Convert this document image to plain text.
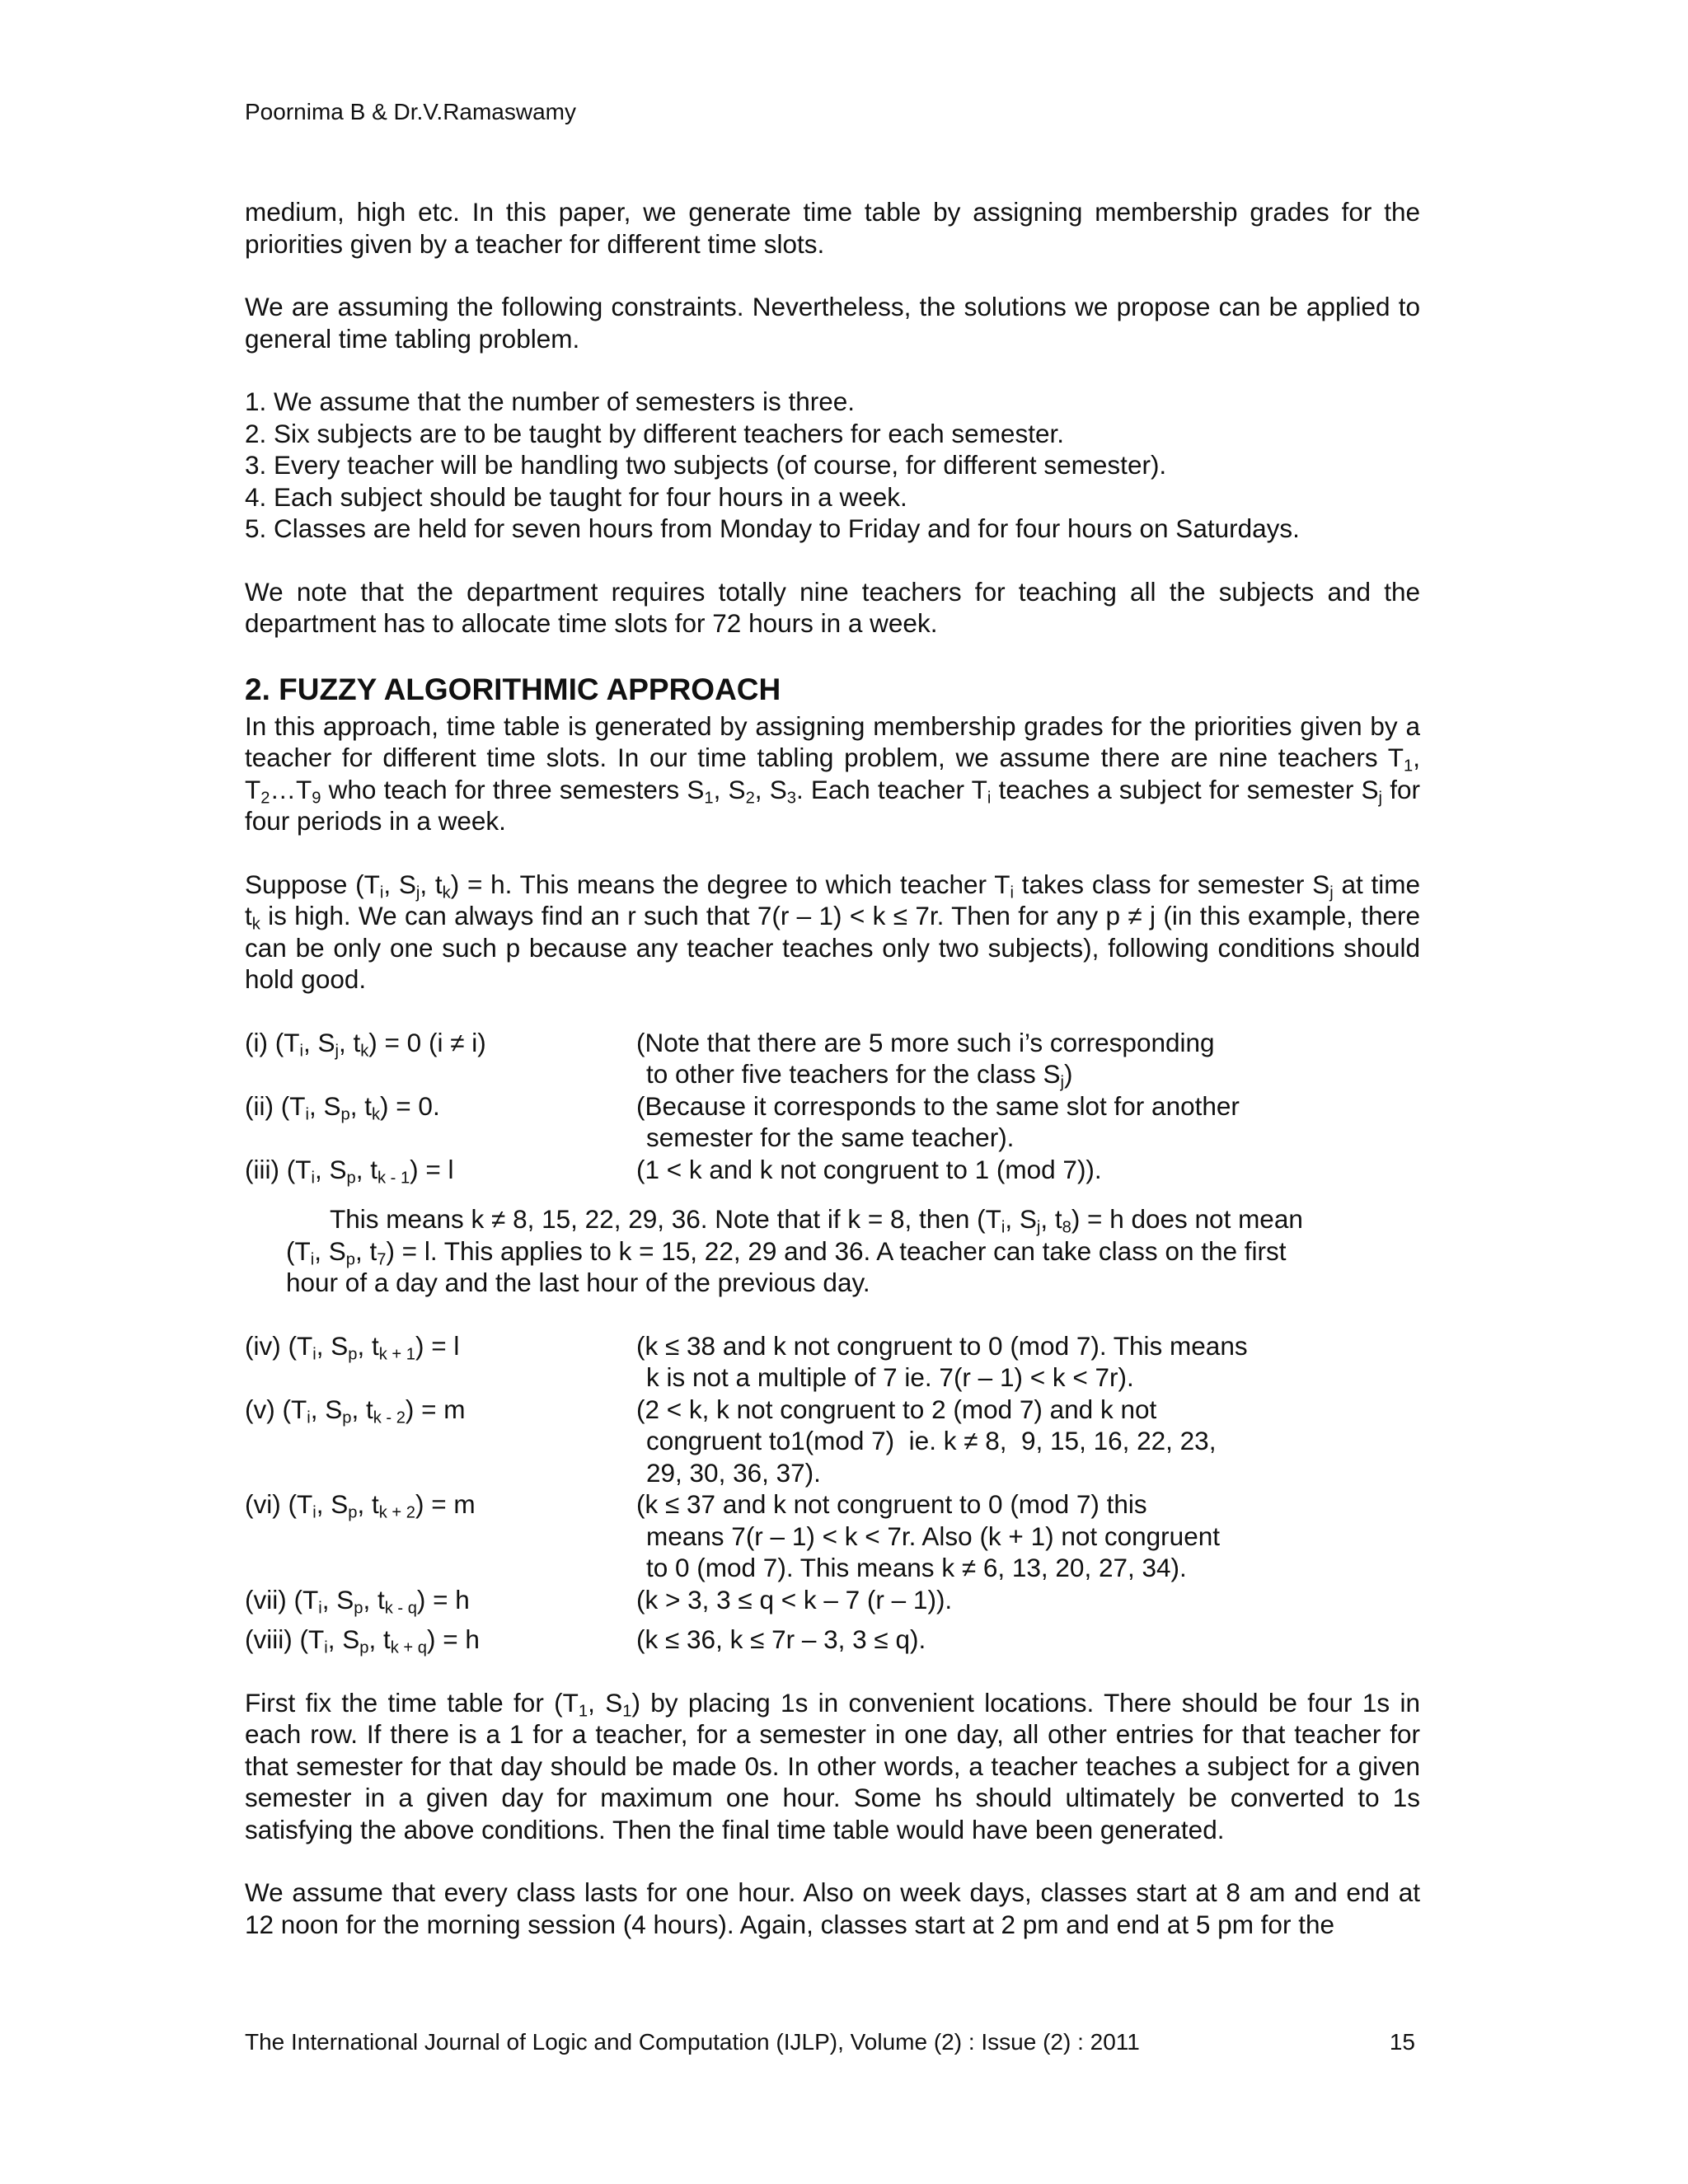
Poornima B & Dr.V.Ramaswamy

medium, high etc. In this paper, we generate time table by assigning membership grades for the priorities given by a teacher for different time slots.

We are assuming the following constraints. Nevertheless, the solutions we propose can be applied to general time tabling problem.

1. We assume that the number of semesters is three.
2. Six subjects are to be taught by different teachers for each semester.
3. Every teacher will be handling two subjects (of course, for different semester).
4. Each subject should be taught for four hours in a week.
5. Classes are held for seven hours from Monday to Friday and for four hours on Saturdays.

We note that the department requires totally nine teachers for teaching all the subjects and the department has to allocate time slots for 72 hours in a week.

2. FUZZY ALGORITHMIC APPROACH

In this approach, time table is generated by assigning membership grades for the priorities given by a teacher for different time slots. In our time tabling problem, we assume there are nine teachers $T_1$, $T_2\dots T_9$ who teach for three semesters $S_1$, $S_2$, $S_3$. Each teacher $T_i$ teaches a subject for semester $S_j$ for four periods in a week.

Suppose ($T_i$, $S_j$, $t_k) = h$. This means the degree to which teacher $T_i$ takes class for semester $S_j$ at time $t_k$ is high. We can always find an r such that 7(r – 1) < k ≤ 7r. Then for any p ≠ j (in this example, there can be only one such p because any teacher teaches only two subjects), following conditions should hold good.

(i) ($T_i$, $S_j$, $t_k) = 0$ (i ≠ i)	(Note that there are 5 more such i’s corresponding
to other five teachers for the class $S_j$)
(ii) ($T_i$, $S_p$, $t_k) = 0$.	(Because it corresponds to the same slot for another
semester for the same teacher).
(iii) ($T_i$, $S_p$, $t_{k - 1}) = l$	(1 < k and k not congruent to 1 (mod 7)).
This means k ≠ 8, 15, 22, 29, 36. Note that if k = 8, then ($T_i$, $S_j$, $t_8) = h$ does not mean
($T_i$, $S_p$, $t_7) = l$. This applies to k = 15, 22, 29 and 36. A teacher can take class on the first
hour of a day and the last hour of the previous day.
(iv) ($T_i$, $S_p$, $t_{k + 1}) = l$	(k ≤ 38 and k not congruent to 0 (mod 7). This means
k is not a multiple of 7 ie. 7(r – 1) < k < 7r).
(v) ($T_i$, $S_p$, $t_{k - 2}) = m$	(2 < k, k not congruent to 2 (mod 7) and k not
congruent to1(mod 7)  ie. k ≠ 8,  9, 15, 16, 22, 23,
29, 30, 36, 37).
(vi) ($T_i$, $S_p$, $t_{k + 2}) = m$	(k ≤ 37 and k not congruent to 0 (mod 7) this
means 7(r – 1) < k < 7r. Also (k + 1) not congruent
to 0 (mod 7). This means k ≠ 6, 13, 20, 27, 34).
(vii) ($T_i$, $S_p$, $t_{k - q}) = h$	(k > 3, 3 ≤ q < k – 7 (r – 1)).
(viii) ($T_i$, $S_p$, $t_{k + q}) = h$	(k ≤ 36, k ≤ 7r – 3, 3 ≤ q).

First fix the time table for ($T_1$, $S_1$) by placing 1s in convenient locations. There should be four 1s in each row. If there is a 1 for a teacher, for a semester in one day, all other entries for that teacher for that semester for that day should be made 0s. In other words, a teacher teaches a subject for a given semester in a given day for maximum one hour. Some hs should ultimately be converted to 1s satisfying the above conditions. Then the final time table would have been generated.

We assume that every class lasts for one hour. Also on week days, classes start at 8 am and end at 12 noon for the morning session (4 hours). Again, classes start at 2 pm and end at 5 pm for the

The International Journal of Logic and Computation (IJLP), Volume (2) : Issue (2) : 2011	15
